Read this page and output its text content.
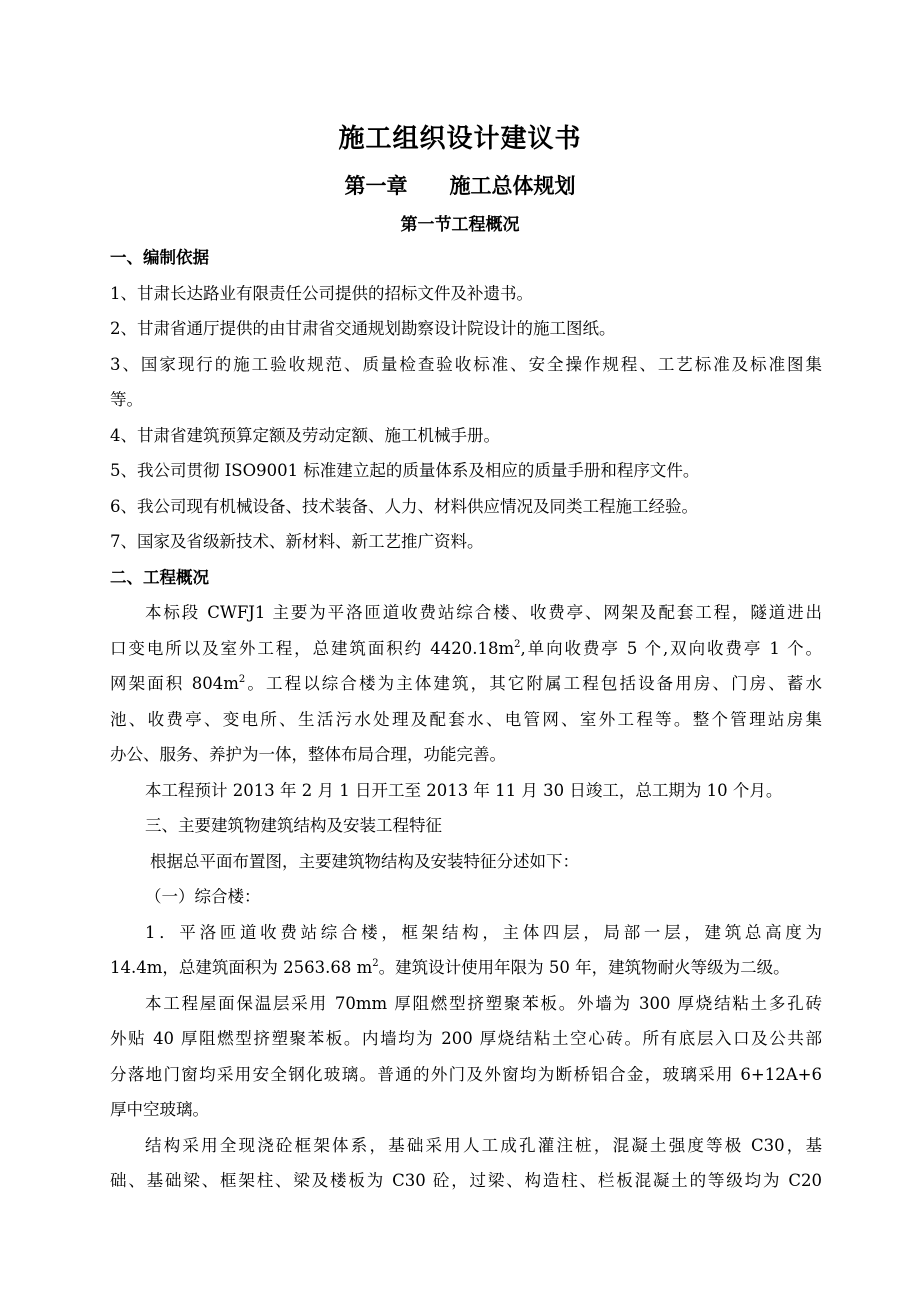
施工组织设计建议书
第一章 施工总体规划
第一节工程概况
一、编制依据
1、甘肃长达路业有限责任公司提供的招标文件及补遗书。
2、甘肃省通厅提供的由甘肃省交通规划勘察设计院设计的施工图纸。
3、国家现行的施工验收规范、质量检查验收标准、安全操作规程、工艺标准及标准图集
等。
4、甘肃省建筑预算定额及劳动定额、施工机械手册。
5、我公司贯彻 ISO9001 标准建立起的质量体系及相应的质量手册和程序文件。
6、我公司现有机械设备、技术装备、人力、材料供应情况及同类工程施工经验。
7、国家及省级新技术、新材料、新工艺推广资料。
二、工程概况
本标段 CWFJ1 主要为平洛匝道收费站综合楼、收费亭、网架及配套工程，隧道进出
口变电所以及室外工程，总建筑面积约 $4420.18m^2$,单向收费亭 5 个,双向收费亭 1 个。
网架面积 $804m^2$。工程以综合楼为主体建筑，其它附属工程包括设备用房、门房、蓄水
池、收费亭、变电所、生活污水处理及配套水、电管网、室外工程等。整个管理站房集
办公、服务、养护为一体，整体布局合理，功能完善。
本工程预计 2013 年 2 月 1 日开工至 2013 年 11 月 30 日竣工，总工期为 10 个月。
三、主要建筑物建筑结构及安装工程特征
根据总平面布置图，主要建筑物结构及安装特征分述如下：
（一）综合楼：
1．平洛匝道收费站综合楼，框架结构，主体四层，局部一层，建筑总高度为
14.4m，总建筑面积为 2563.68 $m^2$。建筑设计使用年限为 50 年，建筑物耐火等级为二级。
本工程屋面保温层采用 70mm 厚阻燃型挤塑聚苯板。外墙为 300 厚烧结粘土多孔砖
外贴 40 厚阻燃型挤塑聚苯板。内墙均为 200 厚烧结粘土空心砖。所有底层入口及公共部
分落地门窗均采用安全钢化玻璃。普通的外门及外窗均为断桥铝合金，玻璃采用 6+12A+6
厚中空玻璃。
结构采用全现浇砼框架体系，基础采用人工成孔灌注桩，混凝土强度等极 C30，基
础、基础梁、框架柱、梁及楼板为 C30 砼，过梁、构造柱、栏板混凝土的等级均为 C20
